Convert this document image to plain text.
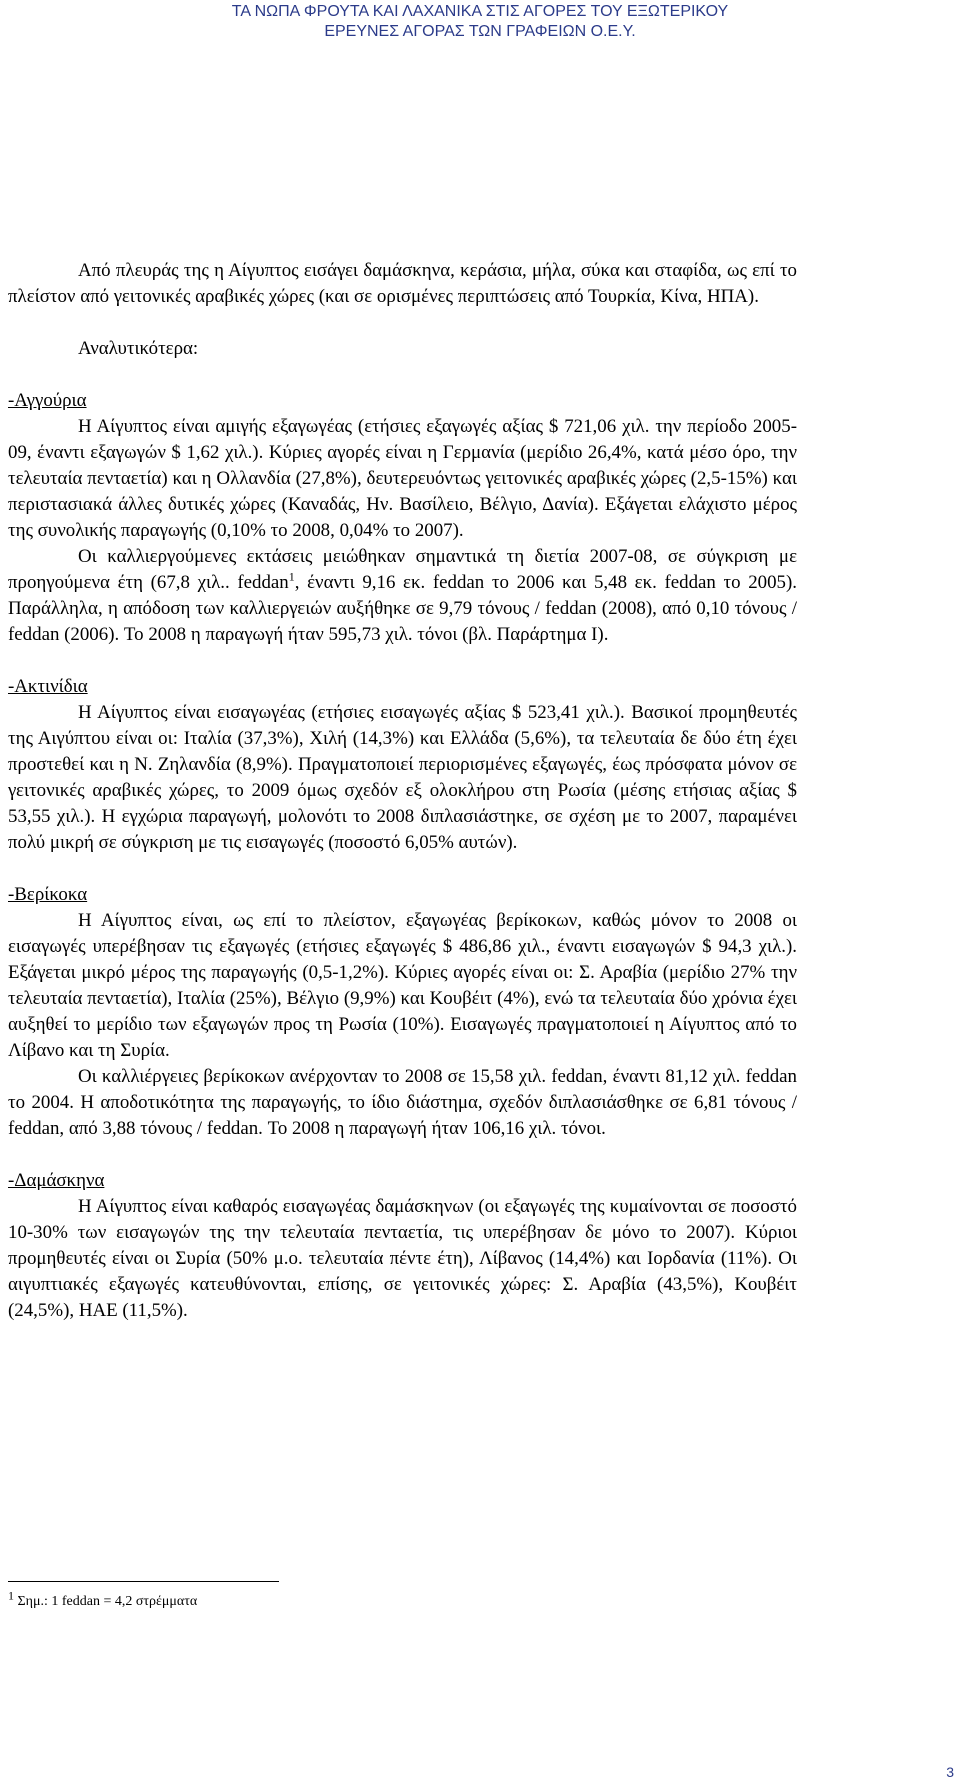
ΤΑ ΝΩΠΑ ΦΡΟΥΤΑ ΚΑΙ ΛΑΧΑΝΙΚΑ ΣΤΙΣ ΑΓΟΡΕΣ ΤΟΥ ΕΞΩΤΕΡΙΚΟΥ
ΕΡΕΥΝΕΣ ΑΓΟΡΑΣ ΤΩΝ ΓΡΑΦΕΙΩΝ Ο.Ε.Υ.

Από πλευράς της η Αίγυπτος εισάγει δαμάσκηνα, κεράσια, μήλα, σύκα και σταφίδα, ως επί το πλείστον από γειτονικές αραβικές χώρες (και σε ορισμένες περιπτώσεις από Τουρκία, Κίνα, ΗΠΑ).

Αναλυτικότερα:

-Αγγούρια

Η Αίγυπτος είναι αμιγής εξαγωγέας (ετήσιες εξαγωγές αξίας $ 721,06 χιλ. την περίοδο 2005-09, έναντι εξαγωγών $ 1,62 χιλ.). Κύριες αγορές είναι η Γερμανία (μερίδιο 26,4%, κατά μέσο όρο, την τελευταία πενταετία) και η Ολλανδία (27,8%), δευτερευόντως γειτονικές αραβικές χώρες (2,5-15%) και περιστασιακά άλλες δυτικές χώρες (Καναδάς, Ην. Βασίλειο, Βέλγιο, Δανία). Εξάγεται ελάχιστο μέρος της συνολικής παραγωγής (0,10% το 2008, 0,04% το 2007).

Οι καλλιεργούμενες εκτάσεις μειώθηκαν σημαντικά τη διετία 2007-08, σε σύγκριση με προηγούμενα έτη (67,8 χιλ.. feddan$^1$, έναντι 9,16 εκ. feddan το 2006 και 5,48 εκ. feddan το 2005). Παράλληλα, η απόδοση των καλλιεργειών αυξήθηκε σε 9,79 τόνους / feddan (2008), από 0,10 τόνους / feddan (2006). Το 2008 η παραγωγή ήταν 595,73 χιλ. τόνοι (βλ. Παράρτημα Ι).

-Ακτινίδια

Η Αίγυπτος είναι εισαγωγέας (ετήσιες εισαγωγές αξίας $ 523,41 χιλ.). Βασικοί προμηθευτές της Αιγύπτου είναι οι: Ιταλία (37,3%), Χιλή (14,3%) και Ελλάδα (5,6%), τα τελευταία δε δύο έτη έχει προστεθεί και η Ν. Ζηλανδία (8,9%). Πραγματοποιεί περιορισμένες εξαγωγές, έως πρόσφατα μόνον σε γειτονικές αραβικές χώρες, το 2009 όμως σχεδόν εξ ολοκλήρου στη Ρωσία (μέσης ετήσιας αξίας $ 53,55 χιλ.). Η εγχώρια παραγωγή, μολονότι το 2008 διπλασιάστηκε, σε σχέση με το 2007, παραμένει πολύ μικρή σε σύγκριση με τις εισαγωγές (ποσοστό 6,05% αυτών).

-Βερίκοκα

Η Αίγυπτος είναι, ως επί το πλείστον, εξαγωγέας βερίκοκων, καθώς μόνον το 2008 οι εισαγωγές υπερέβησαν τις εξαγωγές (ετήσιες εξαγωγές $ 486,86 χιλ., έναντι εισαγωγών $ 94,3 χιλ.). Εξάγεται μικρό μέρος της παραγωγής (0,5-1,2%). Κύριες αγορές είναι οι: Σ. Αραβία (μερίδιο 27% την τελευταία πενταετία), Ιταλία (25%), Βέλγιο (9,9%) και Κουβέιτ (4%), ενώ τα τελευταία δύο χρόνια έχει αυξηθεί το μερίδιο των εξαγωγών προς τη Ρωσία (10%). Εισαγωγές πραγματοποιεί η Αίγυπτος από το Λίβανο και τη Συρία.

Οι καλλιέργειες βερίκοκων ανέρχονταν το 2008 σε 15,58 χιλ. feddan, έναντι 81,12 χιλ. feddan το 2004. Η αποδοτικότητα της παραγωγής, το ίδιο διάστημα, σχεδόν διπλασιάσθηκε σε 6,81 τόνους / feddan, από 3,88 τόνους / feddan. Το 2008 η παραγωγή ήταν 106,16 χιλ. τόνοι.

-Δαμάσκηνα

Η Αίγυπτος είναι καθαρός εισαγωγέας δαμάσκηνων (οι εξαγωγές της κυμαίνονται σε ποσοστό 10-30% των εισαγωγών της την τελευταία πενταετία, τις υπερέβησαν δε μόνο το 2007). Κύριοι προμηθευτές είναι οι Συρία (50% μ.ο. τελευταία πέντε έτη), Λίβανος (14,4%) και Ιορδανία (11%). Οι αιγυπτιακές εξαγωγές κατευθύνονται, επίσης, σε γειτονικές χώρες: Σ. Αραβία (43,5%), Κουβέιτ (24,5%), ΗΑΕ (11,5%).

$^1$ Σημ.: 1 feddan = 4,2 στρέμματα
3
